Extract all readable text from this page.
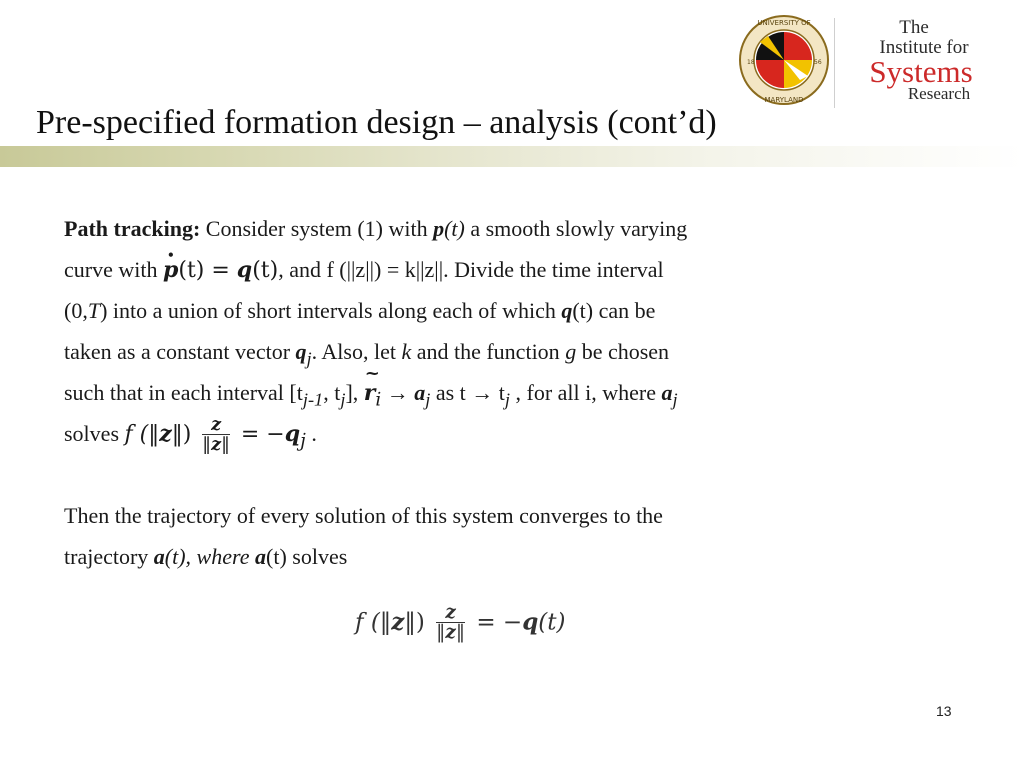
UNIVERSITY OF
MARYLAND
18	56
The
Institute for
Systems
Research
Pre-specified formation design – analysis (cont’d)
Path tracking: Consider system (1) with p(t) a smooth slowly varying
curve with • p(t) = q(t), and f (||z||) = k||z||. Divide the time interval
(0,T) into a union of short intervals along each of which q(t) can be
taken as a constant vector $q_j$. Also, let k and the function g be chosen
such that in each interval [$t_{j-1}$, $t_j$], ~ $r_i \to a_j$ as $t \to t_j$ , for all i, where $a_j$
solves f (‖z‖) $\frac{z}{‖z‖} = -q_j$ .
Then the trajectory of every solution of this system converges to the
trajectory a(t), where a(t) solves
f (‖z‖) $\frac{z}{‖z‖} = -q(t)$
13
